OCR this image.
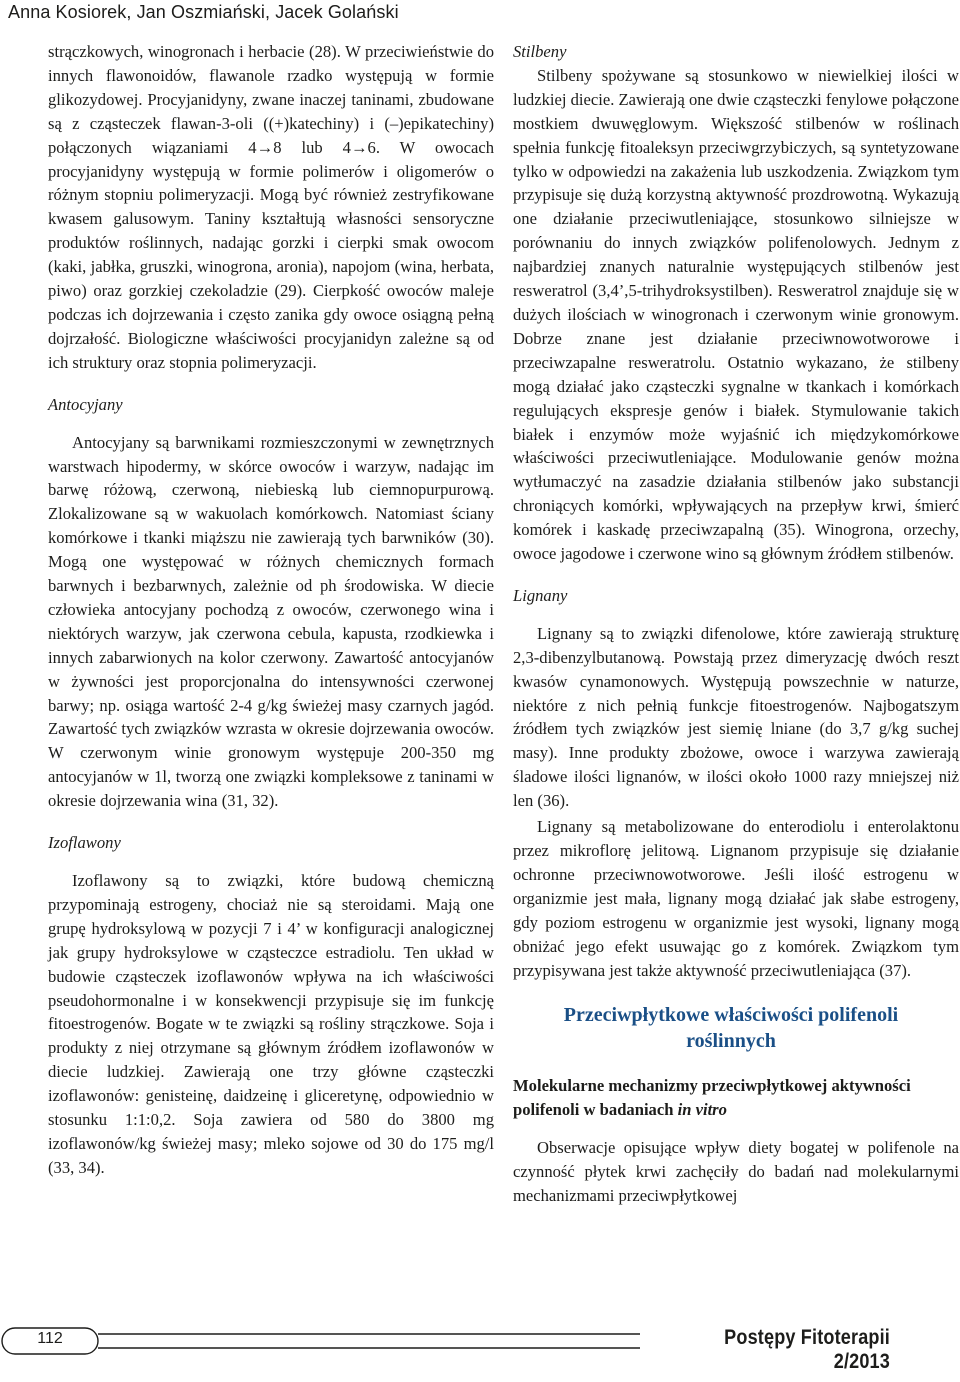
Anna Kosiorek, Jan Oszmiański, Jacek Golański

strączkowych, winogronach i herbacie (28). W przeciwieństwie do innych flawonoidów, flawanole rzadko występują w formie glikozydowej. Procyjanidyny, zwane inaczej taninami, zbudowane są z cząsteczek flawan-3-oli ((+)katechiny) i (–)epikatechiny) połączonych wiązaniami 4→8 lub 4→6. W owocach procyjanidyny występują w formie polimerów i oligomerów o różnym stopniu polimeryzacji. Mogą być również zestryfikowane kwasem galusowym. Taniny kształtują własności sensoryczne produktów roślinnych, nadając gorzki i cierpki smak owocom (kaki, jabłka, gruszki, winogrona, aronia), napojom (wina, herbata, piwo) oraz gorzkiej czekoladzie (29). Cierpkość owoców maleje podczas ich dojrzewania i często zanika gdy owoce osiągną pełną dojrzałość. Biologiczne właściwości procyjanidyn zależne są od ich struktury oraz stopnia polimeryzacji.

Antocyjany

Antocyjany są barwnikami rozmieszczonymi w zewnętrznych warstwach hipodermy, w skórce owoców i warzyw, nadając im barwę różową, czerwoną, niebieską lub ciemnopurpurową. Zlokalizowane są w wakuolach komórkowch. Natomiast ściany komórkowe i tkanki miąższu nie zawierają tych barwników (30). Mogą one występować w różnych chemicznych formach barwnych i bezbarwnych, zależnie od ph środowiska. W diecie człowieka antocyjany pochodzą z owoców, czerwonego wina i niektórych warzyw, jak czerwona cebula, kapusta, rzodkiewka i innych zabarwionych na kolor czerwony. Zawartość antocyjanów w żywności jest proporcjonalna do intensywności czerwonej barwy; np. osiąga wartość 2-4 g/kg świeżej masy czarnych jagód. Zawartość tych związków wzrasta w okresie dojrzewania owoców. W czerwonym winie gronowym występuje 200-350 mg antocyjanów w 1l, tworzą one związki kompleksowe z taninami w okresie dojrzewania wina (31, 32).

Izoflawony

Izoflawony są to związki, które budową chemiczną przypominają estrogeny, chociaż nie są steroidami. Mają one grupę hydroksylową w pozycji 7 i 4’ w konfiguracji analogicznej jak grupy hydroksylowe w cząsteczce estradiolu. Ten układ w budowie cząsteczek izoflawonów wpływa na ich właściwości pseudohormonalne i w konsekwencji przypisuje się im funkcję fitoestrogenów. Bogate w te związki są rośliny strączkowe. Soja i produkty z niej otrzymane są głównym źródłem izoflawonów w diecie ludzkiej. Zawierają one trzy główne cząsteczki izoflawonów: genisteinę, daidzeinę i gliceretynę, odpowiednio w stosunku 1:1:0,2. Soja zawiera od 580 do 3800 mg izoflawonów/kg świeżej masy; mleko sojowe od 30 do 175 mg/l (33, 34).

Stilbeny

Stilbeny spożywane są stosunkowo w niewielkiej ilości w ludzkiej diecie. Zawierają one dwie cząsteczki fenylowe połączone mostkiem dwuwęglowym. Większość stilbenów w roślinach spełnia funkcję fitoaleksyn przeciwgrzybiczych, są syntetyzowane tylko w odpowiedzi na zakażenia lub uszkodzenia. Związkom tym przypisuje się dużą korzystną aktywność prozdrowotną. Wykazują one działanie przeciwutleniające, stosunkowo silniejsze w porównaniu do innych związków polifenolowych. Jednym z najbardziej znanych naturalnie występujących stilbenów jest resweratrol (3,4’,5-trihydroksystilben). Resweratrol znajduje się w dużych ilościach w winogronach i czerwonym winie gronowym. Dobrze znane jest działanie przeciwnowotworowe i przeciwzapalne resweratrolu. Ostatnio wykazano, że stilbeny mogą działać jako cząsteczki sygnalne w tkankach i komórkach regulujących ekspresje genów i białek. Stymulowanie takich białek i enzymów może wyjaśnić ich międzykomórkowe właściwości przeciwutleniające. Modulowanie genów można wytłumaczyć na zasadzie działania stilbenów jako substancji chroniących komórki, wpływających na przepływ krwi, śmierć komórek i kaskadę przeciwzapalną (35). Winogrona, orzechy, owoce jagodowe i czerwone wino są głównym źródłem stilbenów.

Lignany

Lignany są to związki difenolowe, które zawierają strukturę 2,3-dibenzylbutanową. Powstają przez dimeryzację dwóch reszt kwasów cynamonowych. Występują powszechnie w naturze, niektóre z nich pełnią funkcje fitoestrogenów. Najbogatszym źródłem tych związków jest siemię lniane (do 3,7 g/kg suchej masy). Inne produkty zbożowe, owoce i warzywa zawierają śladowe ilości lignanów, w ilości około 1000 razy mniejszej niż len (36).

Lignany są metabolizowane do enterodiolu i enterolaktonu przez mikroflorę jelitową. Lignanom przypisuje się działanie ochronne przeciwnowotworowe. Jeśli ilość estrogenu w organizmie jest mała, lignany mogą działać jak słabe estrogeny, gdy poziom estrogenu w organizmie jest wysoki, lignany mogą obniżać jego efekt usuwając go z komórek. Związkom tym przypisywana jest także aktywność przeciwutleniająca (37).

Przeciwpłytkowe właściwości polifenoli roślinnych
Molekularne mechanizmy przeciwpłytkowej aktywności polifenoli w badaniach in vitro

Obserwacje opisujące wpływ diety bogatej w polifenole na czynność płytek krwi zachęciły do badań nad molekularnymi mechanizmami przeciwpłytkowej

112	Postępy Fitoterapii 2/2013
